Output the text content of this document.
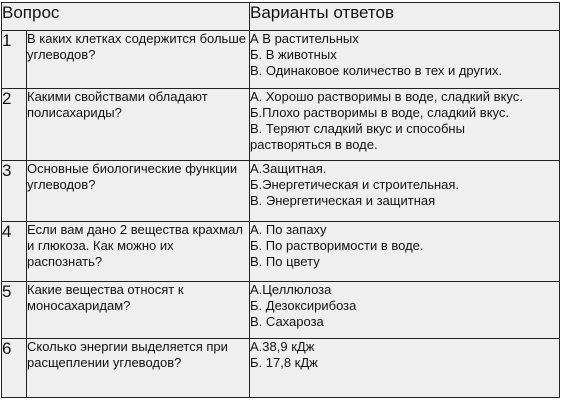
Вопрос		Варианты ответов
1	В каких клетках содержится больше углеводов?	А В растительных
Б. В животных
В. Одинаковое количество в тех и других.

2	Какими свойствами обладают полисахариды?	А. Хорошо растворимы в воде, сладкий вкус.
Б.Плохо растворимы в воде, сладкий вкус.
В. Теряют сладкий вкус и способны
растворяться в воде.

3	Основные биологические функции углеводов?	А.Защитная.
Б.Энергетическая и строительная.
В. Энергетическая и защитная

4	Если вам дано 2 вещества крахмал и глюкоза. Как можно их распознать?	А. По запаху
Б. По растворимости в воде.
В. По цвету

5	Какие вещества относят к моносахаридам?	А.Целлюлоза
Б. Дезоксирибоза
В. Сахароза

6	Сколько энергии выделяется при расщеплении углеводов?	А.38,9 кДж
Б. 17,8 кДж
